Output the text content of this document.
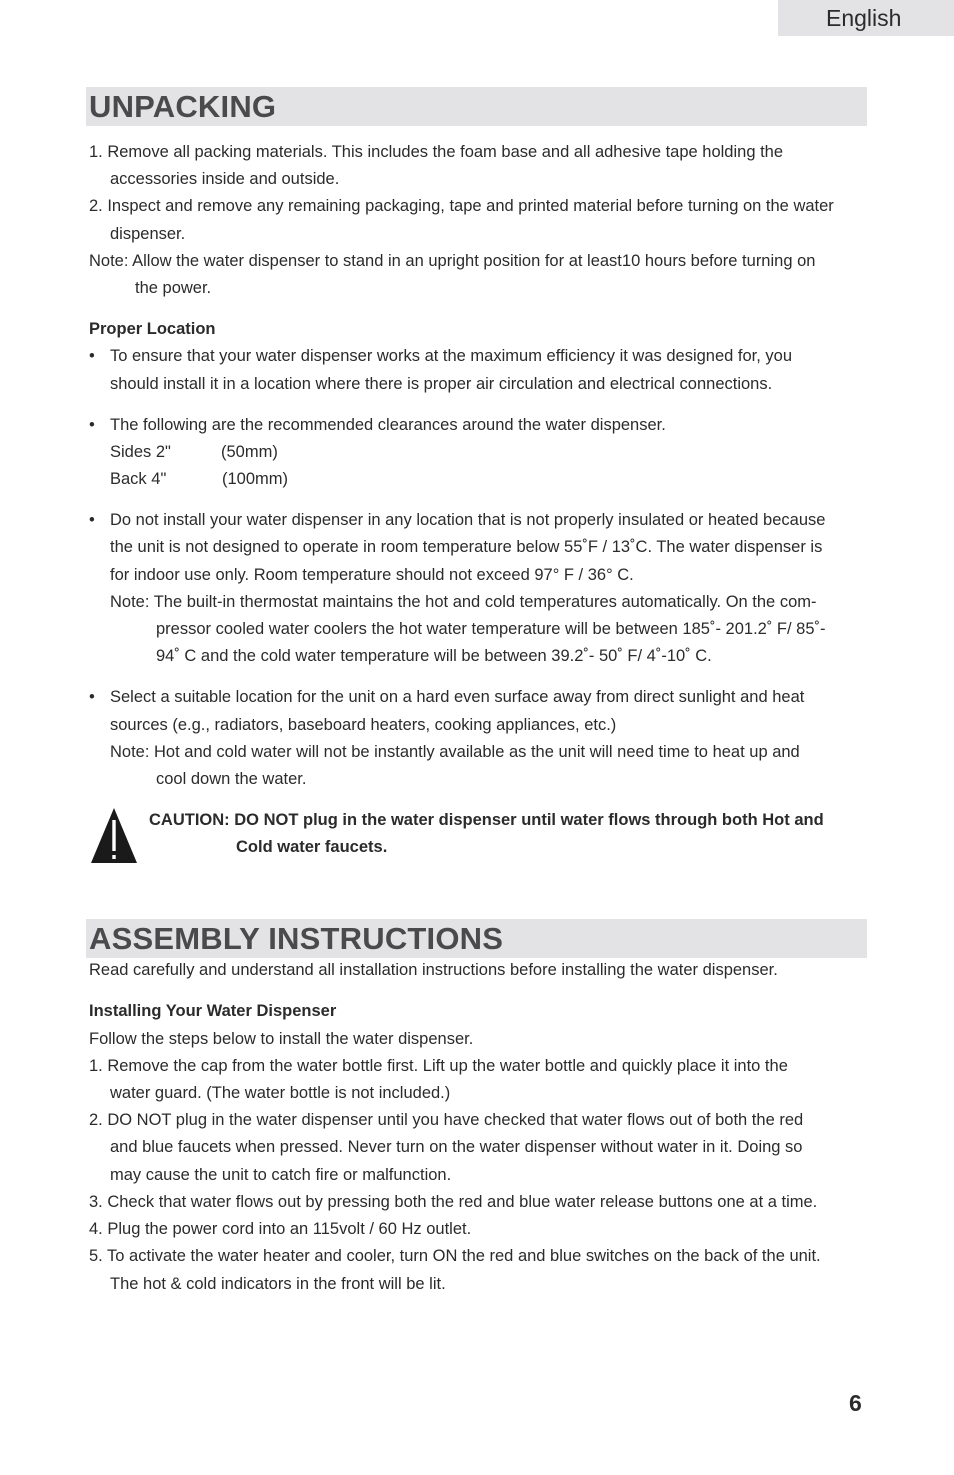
English
UNPACKING
1. Remove all packing materials. This includes the foam base and all adhesive tape holding the
accessories inside and outside.
2. Inspect and remove any remaining packaging, tape and printed material before turning on the water
dispenser.
Note: Allow the water dispenser to stand in an upright position for at least10 hours before turning on
the power.
Proper Location
• To ensure that your water dispenser works at the maximum efficiency it was designed for, you
should install it in a location where there is proper air circulation and electrical connections.
• The following are the recommended clearances around the water dispenser.
Sides 2"	(50mm)
Back 4"	(100mm)
• Do not install your water dispenser in any location that is not properly insulated or heated because
the unit is not designed to operate in room temperature below 55˚F / 13˚C. The water dispenser is
for indoor use only. Room temperature should not exceed 97° F / 36° C.
Note: The built-in thermostat maintains the hot and cold temperatures automatically. On the com-
pressor cooled water coolers the hot water temperature will be between 185˚- 201.2˚ F/ 85˚-
94˚ C and the cold water temperature will be between 39.2˚- 50˚ F/ 4˚-10˚ C.
• Select a suitable location for the unit on a hard even surface away from direct sunlight and heat
sources (e.g., radiators, baseboard heaters, cooking appliances, etc.)
Note: Hot and cold water will not be instantly available as the unit will need time to heat up and
cool down the water.
CAUTION: DO NOT plug in the water dispenser until water flows through both Hot and
Cold water faucets.
ASSEMBLY INSTRUCTIONS
Read carefully and understand all installation instructions before installing the water dispenser.
Installing Your Water Dispenser
Follow the steps below to install the water dispenser.
1. Remove the cap from the water bottle first. Lift up the water bottle and quickly place it into the
water guard. (The water bottle is not included.)
2. DO NOT plug in the water dispenser until you have checked that water flows out of both the red
and blue faucets when pressed. Never turn on the water dispenser without water in it. Doing so
may cause the unit to catch fire or malfunction.
3. Check that water flows out by pressing both the red and blue water release buttons one at a time.
4. Plug the power cord into an 115volt / 60 Hz outlet.
5. To activate the water heater and cooler, turn ON the red and blue switches on the back of the unit.
The hot & cold indicators in the front will be lit.
6
